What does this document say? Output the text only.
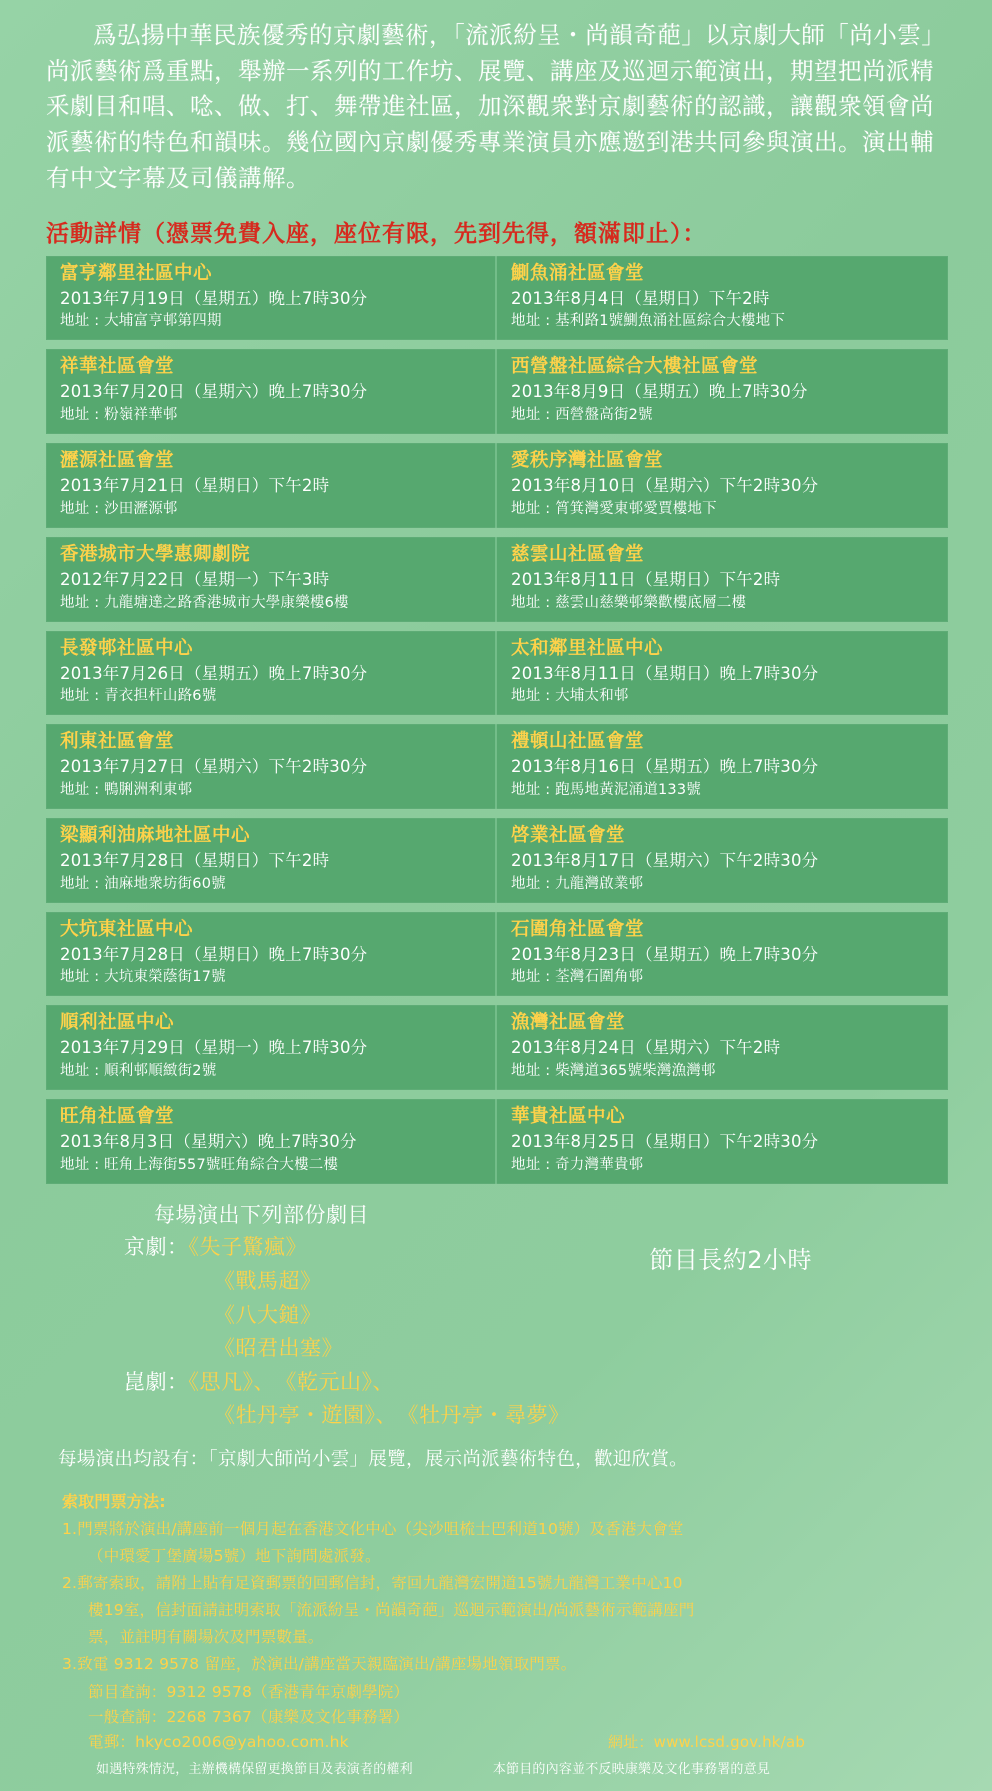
爲弘揚中華民族優秀的京劇藝術，「流派紛呈・尚韻奇葩」以京劇大師「尚小雲」尚派藝術爲重點，舉辦一系列的工作坊、展覽、講座及巡迴示範演出，期望把尚派精釆劇目和唱、唸、做、打、舞帶進社區，加深觀衆對京劇藝術的認識，讓觀衆領會尚派藝術的特色和韻味。幾位國內京劇優秀專業演員亦應邀到港共同參與演出。演出輔有中文字幕及司儀講解。

活動詳情（憑票免費入座，座位有限，先到先得，額滿即止）：
富亨鄰里社區中心
2013年7月19日（星期五）晚上7時30分
地址 : 大埔富亨邨第四期
鰂魚涌社區會堂
2013年8月4日（星期日）下午2時
地址 : 基利路1號鰂魚涌社區綜合大樓地下
祥華社區會堂
2013年7月20日（星期六）晚上7時30分
地址 : 粉嶺祥華邨
西營盤社區綜合大樓社區會堂
2013年8月9日（星期五）晚上7時30分
地址 : 西營盤高街2號
瀝源社區會堂
2013年7月21日（星期日）下午2時
地址 : 沙田瀝源邨
愛秩序灣社區會堂
2013年8月10日（星期六）下午2時30分
地址 : 筲箕灣愛東邨愛賈樓地下
香港城市大學惠卿劇院
2012年7月22日（星期一）下午3時
地址 : 九龍塘達之路香港城市大學康樂樓6樓
慈雲山社區會堂
2013年8月11日（星期日）下午2時
地址 : 慈雲山慈樂邨樂歡樓底層二樓
長發邨社區中心
2013年7月26日（星期五）晚上7時30分
地址 : 青衣担杆山路6號
太和鄰里社區中心
2013年8月11日（星期日）晚上7時30分
地址 : 大埔太和邨
利東社區會堂
2013年7月27日（星期六）下午2時30分
地址 : 鴨脷洲利東邨
禮頓山社區會堂
2013年8月16日（星期五）晚上7時30分
地址 : 跑馬地黃泥涌道133號
梁顯利油麻地社區中心
2013年7月28日（星期日）下午2時
地址 : 油麻地衆坊街60號
啓業社區會堂
2013年8月17日（星期六）下午2時30分
地址 : 九龍灣啟業邨
大坑東社區中心
2013年7月28日（星期日）晚上7時30分
地址 : 大坑東榮蔭街17號
石圍角社區會堂
2013年8月23日（星期五）晚上7時30分
地址 : 荃灣石圍角邨
順利社區中心
2013年7月29日（星期一）晚上7時30分
地址 : 順利邨順緻街2號
漁灣社區會堂
2013年8月24日（星期六）下午2時
地址 : 柴灣道365號柴灣漁灣邨
旺角社區會堂
2013年8月3日（星期六）晚上7時30分
地址 : 旺角上海街557號旺角綜合大樓二樓
華貴社區中心
2013年8月25日（星期日）下午2時30分
地址 : 奇力灣華貴邨
每場演出下列部份劇目
節目長約2小時
京劇：《失子驚瘋》
《戰馬超》
《八大鎚》
《昭君出塞》
崑劇：《思凡》、　《乾元山》、
《牡丹亭・遊園》、　《牡丹亭・尋夢》
每場演出均設有：「京劇大師尚小雲」展覽，展示尚派藝術特色，歡迎欣賞。
索取門票方法:
1.門票將於演出/講座前一個月起在香港文化中心（尖沙咀梳士巴利道10號）及香港大會堂
（中環愛丁堡廣場5號）地下詢問處派發。
2.郵寄索取，請附上貼有足資郵票的回郵信封，寄回九龍灣宏開道15號九龍灣工業中心10
樓19室，信封面請註明索取「流派紛呈・尚韻奇葩」巡迴示範演出/尚派藝術示範講座門
票，並註明有關場次及門票數量。
3.致電 9312 9578 留座，於演出/講座當天親臨演出/講座場地領取門票。
節目查詢：9312 9578（香港青年京劇學院）
一般查詢：2268 7367（康樂及文化事務署）
電郵：hkyco2006@yahoo.com.hk	網址：www.lcsd.gov.hk/ab
如遇特殊情況，主辦機構保留更換節目及表演者的權利	本節目的內容並不反映康樂及文化事務署的意見
